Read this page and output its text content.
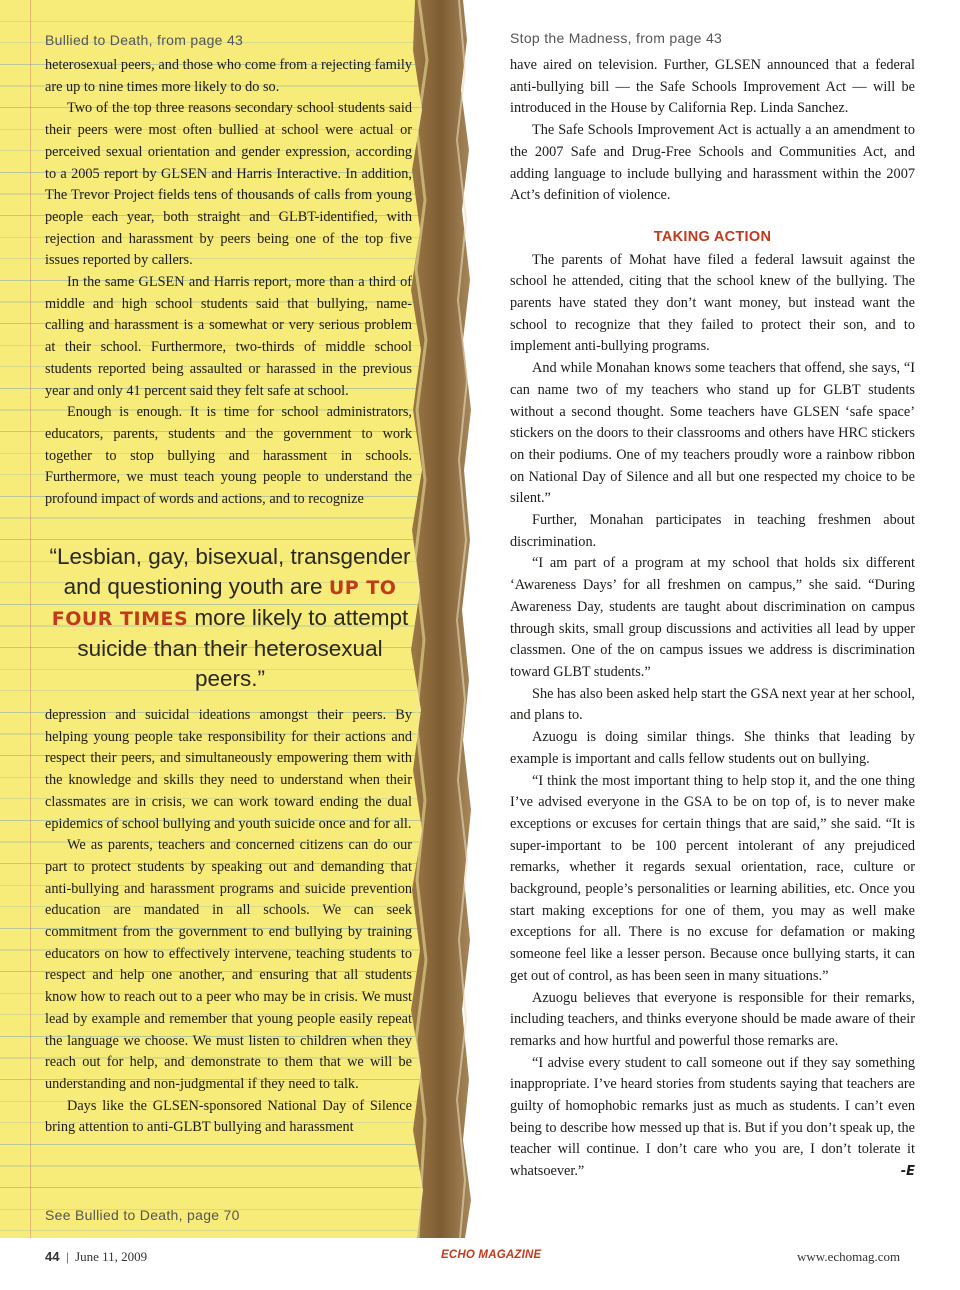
Bullied to Death, from page 43

heterosexual peers, and those who come from a rejecting family are up to nine times more likely to do so.

Two of the top three reasons secondary school students said their peers were most often bullied at school were actual or perceived sexual orientation and gender expression, according to a 2005 report by GLSEN and Harris Interactive. In addition, The Trevor Project fields tens of thousands of calls from young people each year, both straight and GLBT-identified, with rejection and harassment by peers being one of the top five issues reported by callers.

In the same GLSEN and Harris report, more than a third of middle and high school students said that bullying, name-calling and harassment is a somewhat or very serious problem at their school. Furthermore, two-thirds of middle school students reported being assaulted or harassed in the previous year and only 41 percent said they felt safe at school.

Enough is enough. It is time for school administrators, educators, parents, students and the government to work together to stop bullying and harassment in schools. Furthermore, we must teach young people to understand the profound impact of words and actions, and to recognize

“Lesbian, gay, bisexual, transgender and questioning youth are UP TO FOUR TIMES more likely to attempt suicide than their heterosexual peers.”

depression and suicidal ideations amongst their peers. By helping young people take responsibility for their actions and respect their peers, and simultaneously empowering them with the knowledge and skills they need to understand when their classmates are in crisis, we can work toward ending the dual epidemics of school bullying and youth suicide once and for all.

We as parents, teachers and concerned citizens can do our part to protect students by speaking out and demanding that anti-bullying and harassment programs and suicide prevention education are mandated in all schools. We can seek commitment from the government to end bullying by training educators on how to effectively intervene, teaching students to respect and help one another, and ensuring that all students know how to reach out to a peer who may be in crisis. We must lead by example and remember that young people easily repeat the language we choose. We must listen to children when they reach out for help, and demonstrate to them that we will be understanding and non-judgmental if they need to talk.

Days like the GLSEN-sponsored National Day of Silence bring attention to anti-GLBT bullying and harassment

See Bullied to Death, page 70
Stop the Madness, from page 43

have aired on television. Further, GLSEN announced that a federal anti-bullying bill — the Safe Schools Improvement Act — will be introduced in the House by California Rep. Linda Sanchez.

The Safe Schools Improvement Act is actually a an amendment to the 2007 Safe and Drug-Free Schools and Communities Act, and adding language to include bullying and harassment within the 2007 Act’s definition of violence.

TAKING ACTION

The parents of Mohat have filed a federal lawsuit against the school he attended, citing that the school knew of the bullying. The parents have stated they don’t want money, but instead want the school to recognize that they failed to protect their son, and to implement anti-bullying programs.

And while Monahan knows some teachers that offend, she says, “I can name two of my teachers who stand up for GLBT students without a second thought. Some teachers have GLSEN ‘safe space’ stickers on the doors to their classrooms and others have HRC stickers on their podiums. One of my teachers proudly wore a rainbow ribbon on National Day of Silence and all but one respected my choice to be silent.”

Further, Monahan participates in teaching freshmen about discrimination.

“I am part of a program at my school that holds six different ‘Awareness Days’ for all freshmen on campus,” she said. “During Awareness Day, students are taught about discrimination on campus through skits, small group discussions and activities all lead by upper classmen. One of the on campus issues we address is discrimination toward GLBT students.”

She has also been asked help start the GSA next year at her school, and plans to.

Azuogu is doing similar things. She thinks that leading by example is important and calls fellow students out on bullying.

“I think the most important thing to help stop it, and the one thing I’ve advised everyone in the GSA to be on top of, is to never make exceptions or excuses for certain things that are said,” she said. “It is super-important to be 100 percent intolerant of any prejudiced remarks, whether it regards sexual orientation, race, culture or background, people’s personalities or learning abilities, etc. Once you start making exceptions for one of them, you may as well make exceptions for all. There is no excuse for defamation or making someone feel like a lesser person. Because once bullying starts, it can get out of control, as has been seen in many situations.”

Azuogu believes that everyone is responsible for their remarks, including teachers, and thinks everyone should be made aware of their remarks and how hurtful and powerful those remarks are.

“I advise every student to call someone out if they say something inappropriate. I’ve heard stories from students saying that teachers are guilty of homophobic remarks just as much as students. I can’t even being to describe how messed up that is. But if you don’t speak up, the teacher will continue. I don’t care who you are, I don’t tolerate it whatsoever.”	-E

44 | June 11, 2009	ECHO MAGAZINE	www.echomag.com
